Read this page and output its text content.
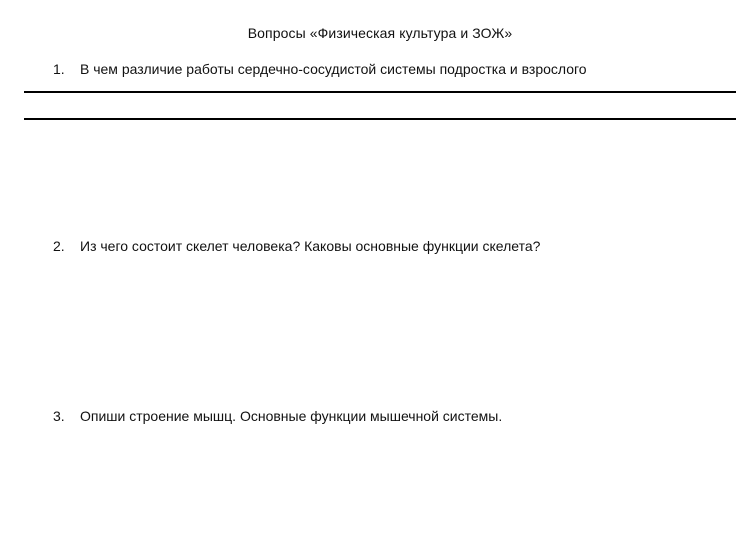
Вопросы «Физическая культура и ЗОЖ»
1. В чем различие работы сердечно-сосудистой системы подростка и взрослого
2. Из чего состоит скелет человека? Каковы основные функции скелета?
3. Опиши строение мышц. Основные функции мышечной системы.
